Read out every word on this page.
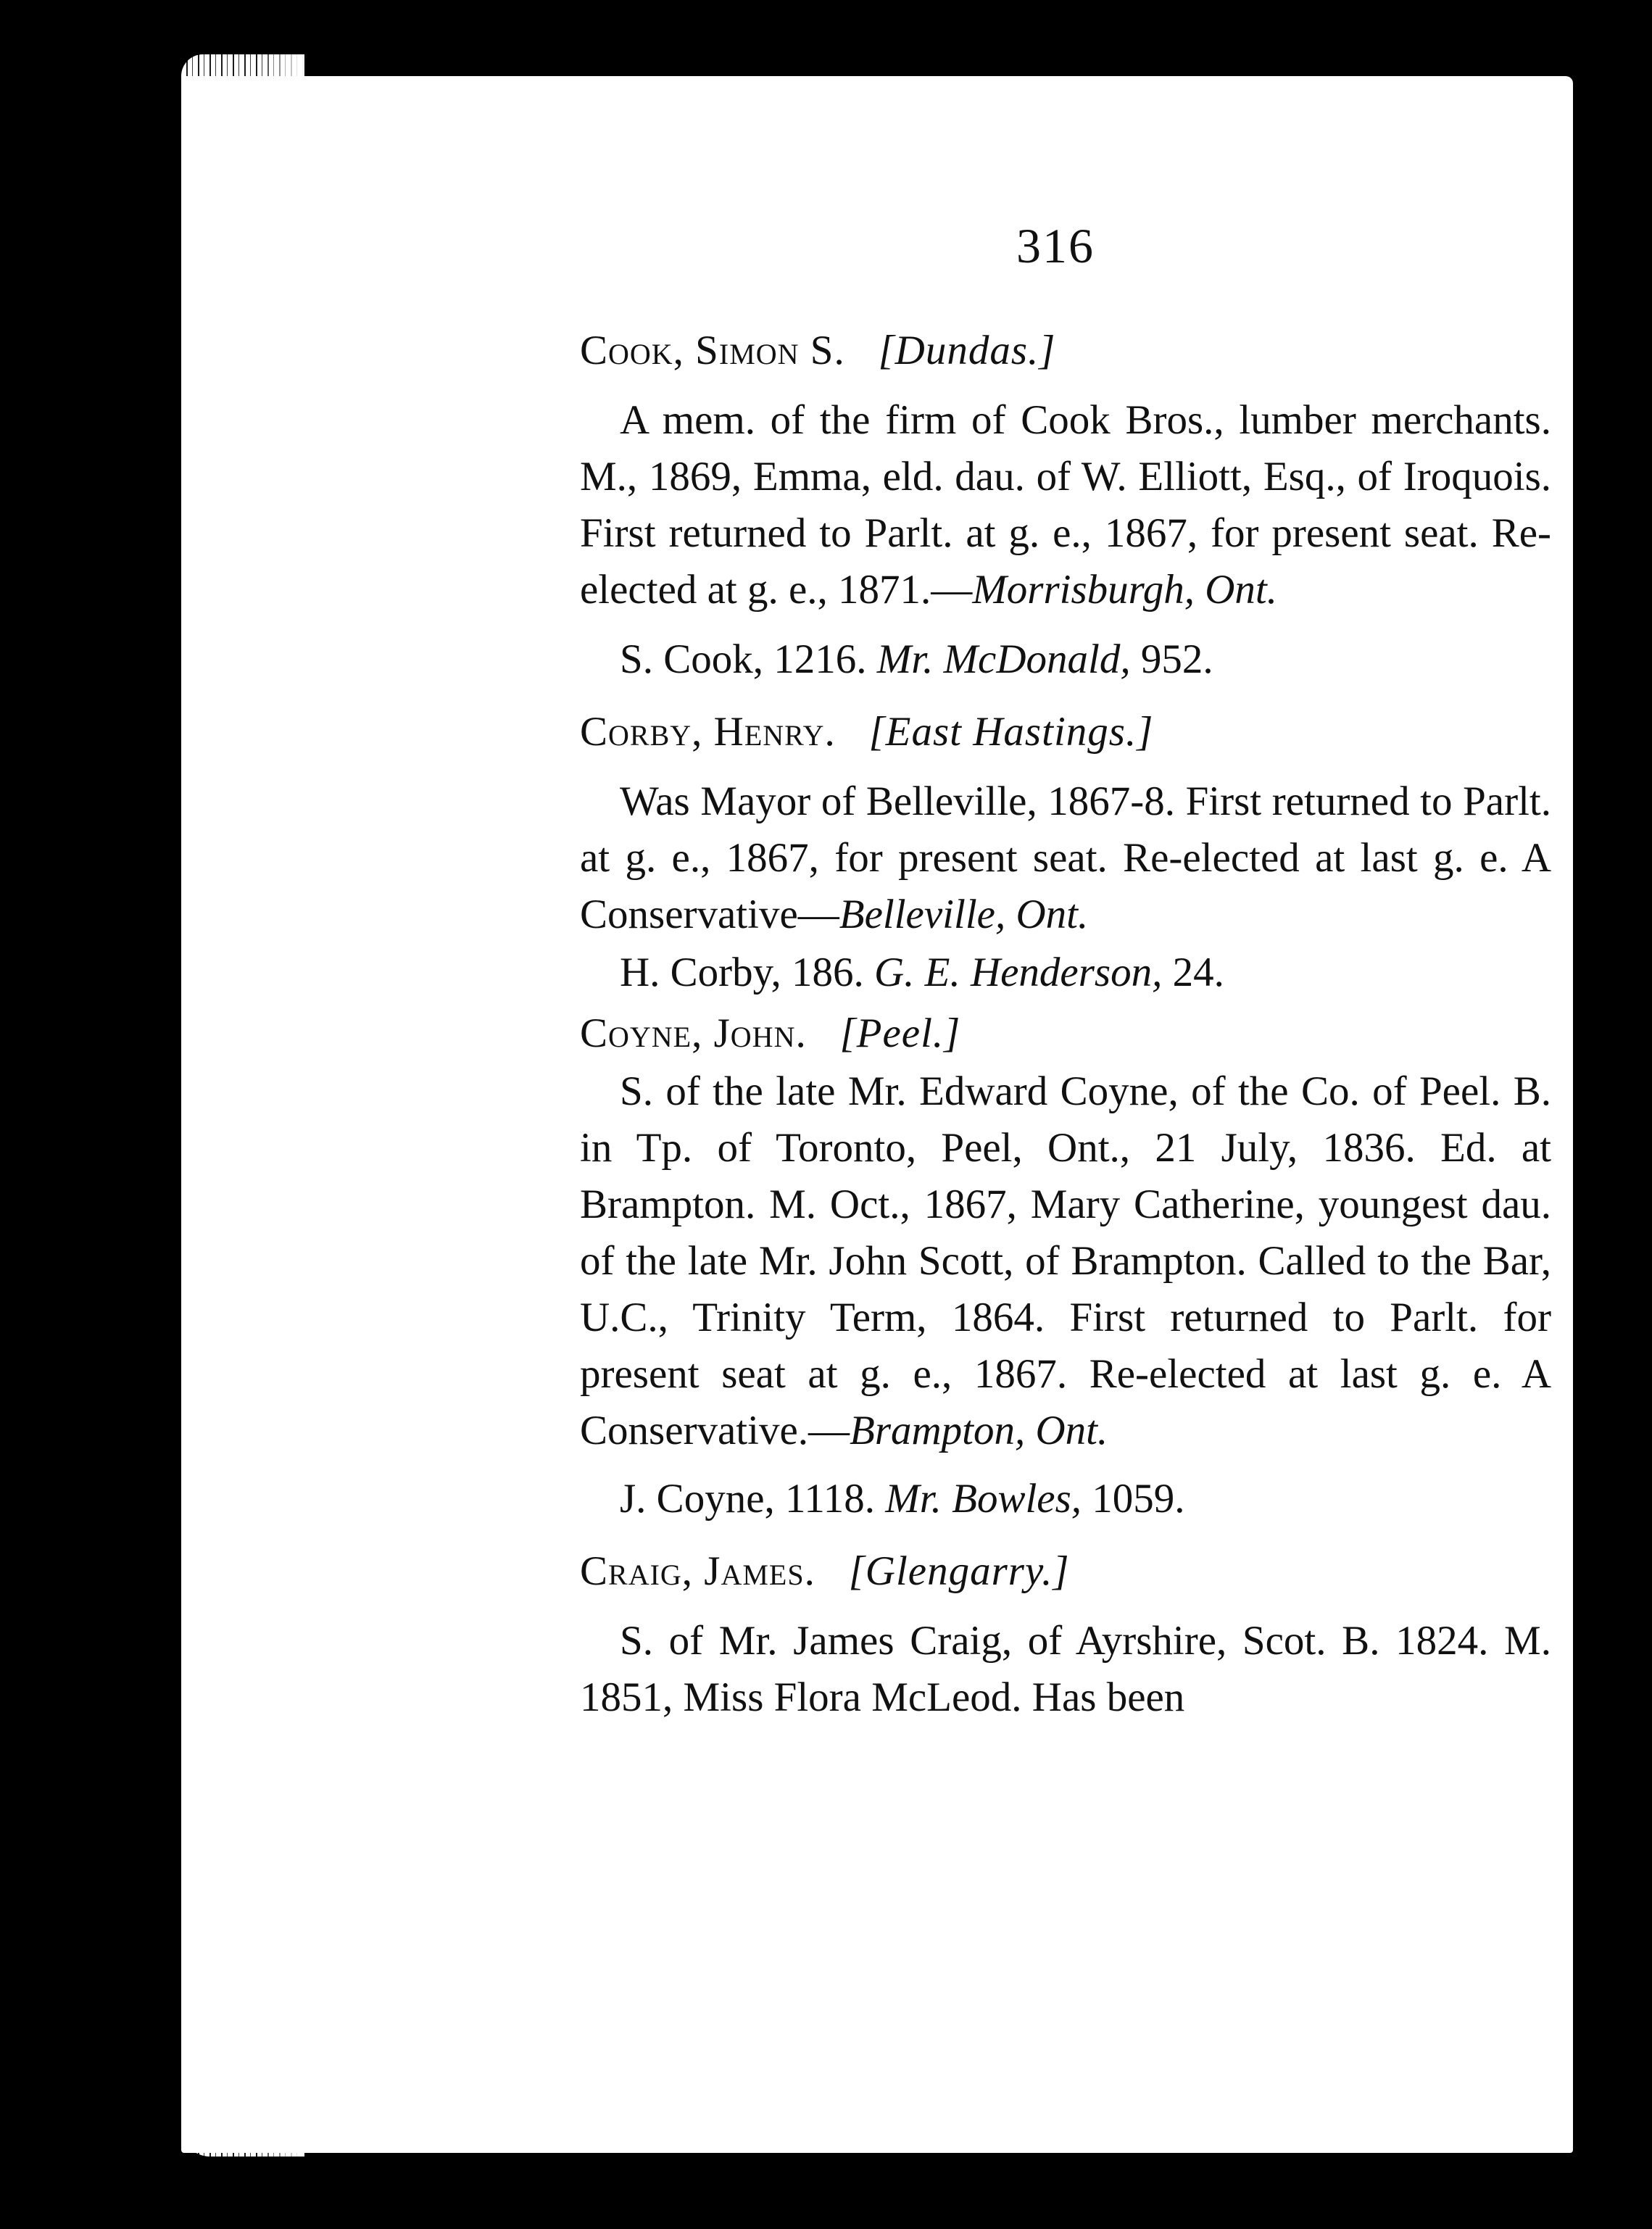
316
Cook, Simon S. [Dundas.]

A mem. of the firm of Cook Bros., lumber merchants. M., 1869, Emma, eld. dau. of W. Elliott, Esq., of Iroquois. First returned to Parlt. at g. e., 1867, for present seat. Re-elected at g. e., 1871.—Morrisburgh, Ont.

S. Cook, 1216. Mr. McDonald, 952.

Corby, Henry. [East Hastings.]

Was Mayor of Belleville, 1867-8. First returned to Parlt. at g. e., 1867, for present seat. Re-elected at last g. e. A Conservative—Belleville, Ont.

H. Corby, 186. G. E. Henderson, 24.

Coyne, John. [Peel.]

S. of the late Mr. Edward Coyne, of the Co. of Peel. B. in Tp. of Toronto, Peel, Ont., 21 July, 1836. Ed. at Brampton. M. Oct., 1867, Mary Catherine, youngest dau. of the late Mr. John Scott, of Brampton. Called to the Bar, U.C., Trinity Term, 1864. First returned to Parlt. for present seat at g. e., 1867. Re-elected at last g. e. A Conservative.—Brampton, Ont.

J. Coyne, 1118. Mr. Bowles, 1059.

Craig, James. [Glengarry.]

S. of Mr. James Craig, of Ayrshire, Scot. B. 1824. M. 1851, Miss Flora McLeod. Has been
